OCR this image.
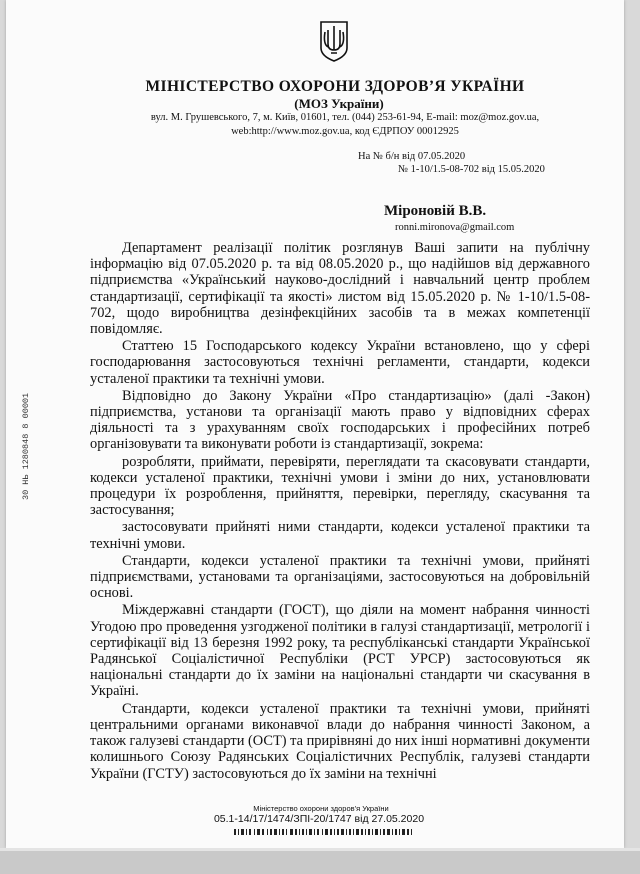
МІНІСТЕРСТВО ОХОРОНИ ЗДОРОВ’Я УКРАЇНИ
(МОЗ України)
вул. М. Грушевського, 7, м. Київ, 01601, тел. (044) 253-61-94, E-mail: moz@moz.gov.ua,
web:http://www.moz.gov.ua, код ЄДРПОУ 00012925
На № б/н від 07.05.2020
№ 1-10/1.5-08-702 від 15.05.2020
Мірoновій В.В.
ronni.mironova@gmail.com
30 НЬ 1280848 8 00001

Департамент реалізації політик розглянув Ваші запити на публічну інформацію від 07.05.2020 р. та від 08.05.2020 р., що надійшов від державного підприємства «Український науково-дослідний і навчальний центр проблем стандартизації, сертифікації та якості» листом від 15.05.2020 р. № 1-10/1.5-08-702, щодо виробництва дезінфекційних засобів та в межах компетенції повідомляє.

Статтею 15 Господарського кодексу України встановлено, що у сфері господарювання застосовуються технічні регламенти, стандарти, кодекси усталеної практики та технічні умови.

Відповідно до Закону України «Про стандартизацію» (далі -Закон) підприємства, установи та організації мають право у відповідних сферах діяльності та з урахуванням своїх господарських і професійних потреб організовувати та виконувати роботи із стандартизації, зокрема:

розробляти, приймати, перевіряти, переглядати та скасовувати стандарти, кодекси усталеної практики, технічні умови і зміни до них, установлювати процедури їх розроблення, прийняття, перевірки, перегляду, скасування та застосування;

застосовувати прийняті ними стандарти, кодекси усталеної практики та технічні умови.

Стандарти, кодекси усталеної практики та технічні умови, прийняті підприємствами, установами та організаціями, застосовуються на добровільній основі.

Міждержавні стандарти (ГОСТ), що діяли на момент набрання чинності Угодою про проведення узгодженої політики в галузі стандартизації, метрології і сертифікації від 13 березня 1992 року, та республіканські стандарти Української Радянської Соціалістичної Республіки (РСТ УРСР) застосовуються як національні стандарти до їх заміни на національні стандарти чи скасування в Україні.

Стандарти, кодекси усталеної практики та технічні умови, прийняті центральними органами виконавчої влади до набрання чинності Законом, а також галузеві стандарти (ОСТ) та прирівняні до них інші нормативні документи колишнього Союзу Радянських Соціалістичних Республік, галузеві стандарти України (ГСТУ) застосовуються до їх заміни на технічні

Міністерство охорони здоров'я України
05.1-14/17/1474/ЗПІ-20/1747 від 27.05.2020
